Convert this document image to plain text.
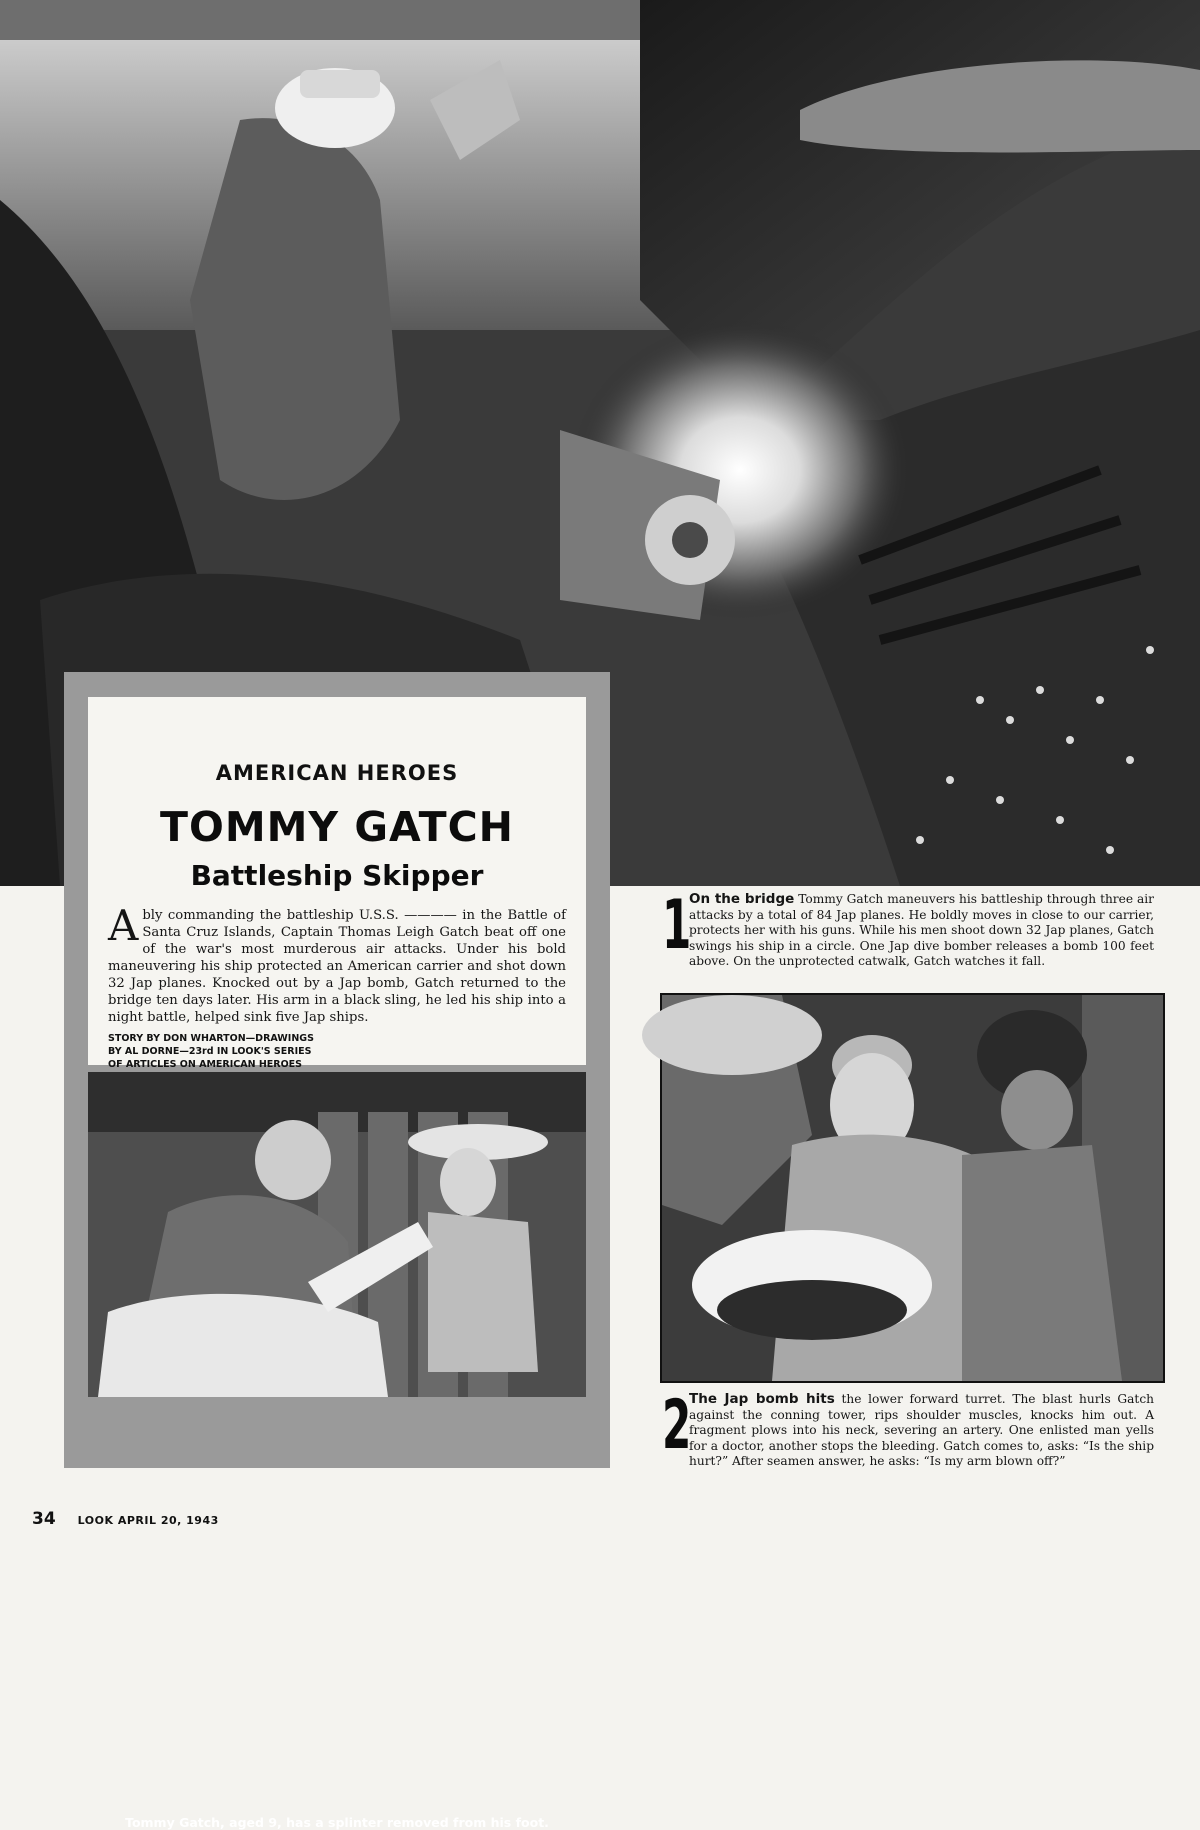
AMERICAN HEROES
TOMMY GATCH
Battleship Skipper
Ably commanding the battleship U.S.S. ———— in the Battle of Santa Cruz Islands, Captain Thomas Leigh Gatch beat off one of the war's most murderous air attacks. Under his bold maneuvering his ship protected an American carrier and shot down 32 Jap planes. Knocked out by a Jap bomb, Gatch returned to the bridge ten days later. His arm in a black sling, he led his ship into a night battle, helped sink five Jap ships.
STORY BY DON WHARTON—DRAWINGS
BY AL DORNE—23rd IN LOOK'S SERIES
OF ARTICLES ON AMERICAN HEROES
Tommy Gatch, aged 9, has a splinter removed from his foot.
1
On the bridge Tommy Gatch maneuvers his battleship through three air attacks by a total of 84 Jap planes. He boldly moves in close to our carrier, protects her with his guns. While his men shoot down 32 Jap planes, Gatch swings his ship in a circle. One Jap dive bomber releases a bomb 100 feet above. On the unprotected catwalk, Gatch watches it fall.
2
The Jap bomb hits the lower forward turret. The blast hurls Gatch against the conning tower, rips shoulder muscles, knocks him out. A fragment plows into his neck, severing an artery. One enlisted man yells for a doctor, another stops the bleeding. Gatch comes to, asks: “Is the ship hurt?” After seamen answer, he asks: “Is my arm blown off?”
34 LOOK APRIL 20, 1943
